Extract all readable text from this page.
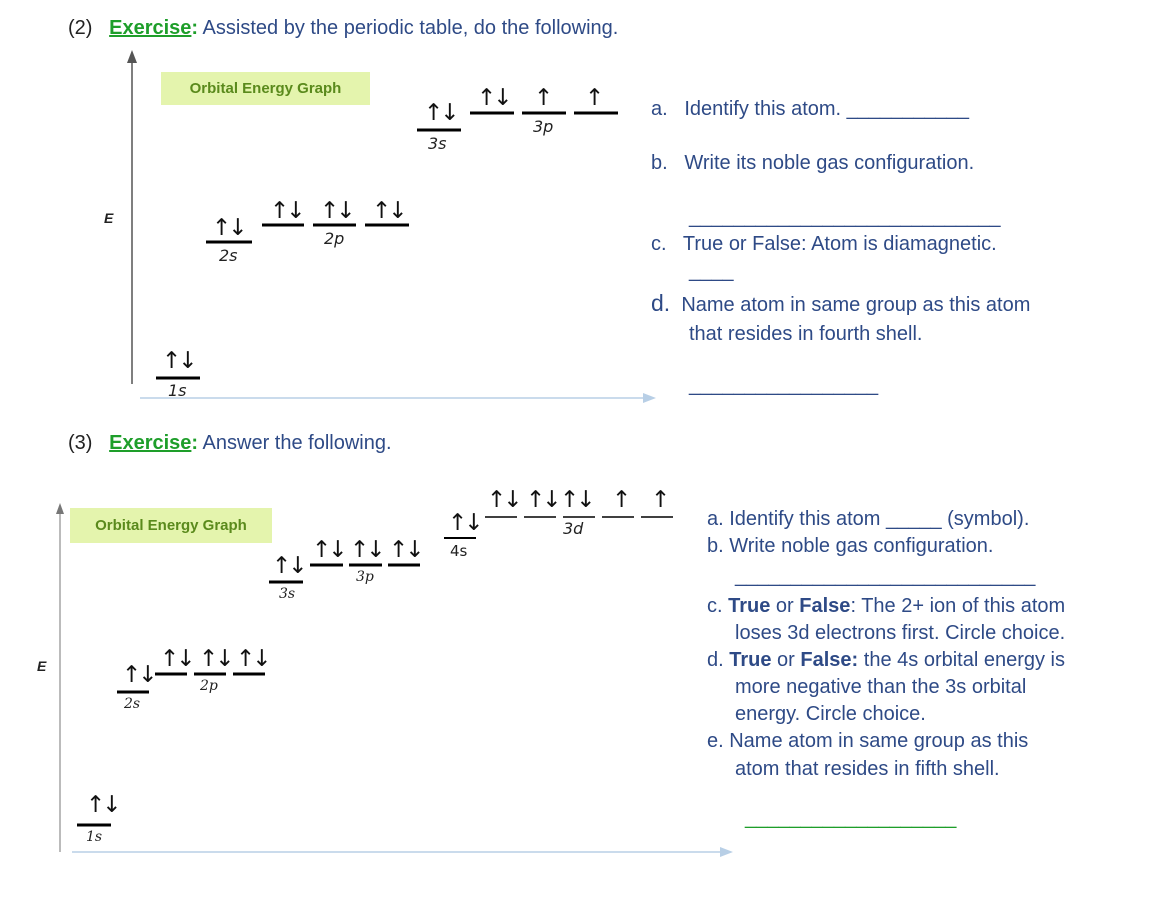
(2) Exercise: Assisted by the periodic table, do the following.
Orbital Energy Graph
E
↑↓
↑↓
↑↓ ↑↓ ↑↓
↑↓
↑↓ ↑ ↑
1s
2s
2p
3s
3p
a. Identify this atom. ___________
b. Write its noble gas configuration.
____________________________
c. True or False: Atom is diamagnetic.
____
d. Name atom in same group as this atom
that resides in fourth shell.
_________________
(3) Exercise: Answer the following.
Orbital Energy Graph
E
↑↓
↑↓
↑↓ ↑↓ ↑↓
↑↓
↑↓ ↑↓ ↑↓
↑↓
↑↓ ↑↓ ↑↓ ↑ ↑
1s
2s
2p
3s
3p
4s
3d	a. Identify this atom _____ (symbol).
b. Write noble gas configuration.
___________________________
c. True or False: The 2+ ion of this atom
loses 3d electrons first. Circle choice.
d. True or False: the 4s orbital energy is
more negative than the 3s orbital
energy. Circle choice.
e. Name atom in same group as this
atom that resides in fifth shell.
___________________
